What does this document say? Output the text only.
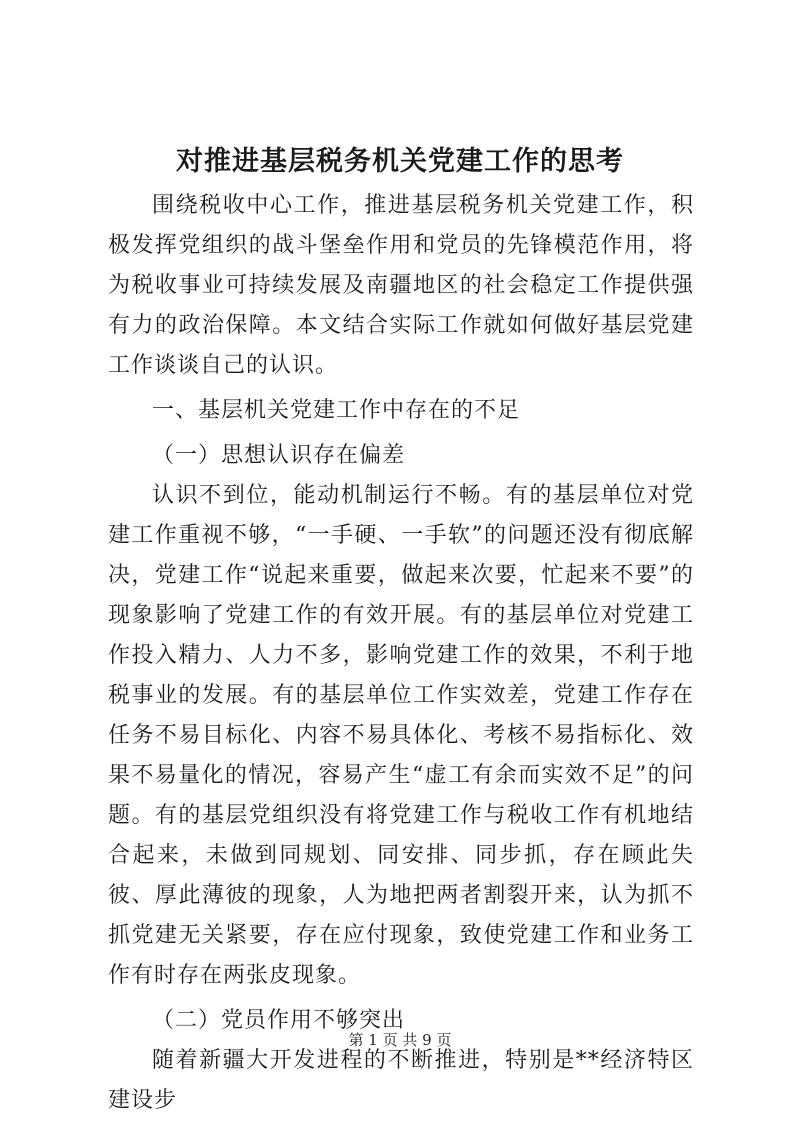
对推进基层税务机关党建工作的思考

围绕税收中心工作，推进基层税务机关党建工作，积极发挥党组织的战斗堡垒作用和党员的先锋模范作用，将为税收事业可持续发展及南疆地区的社会稳定工作提供强有力的政治保障。本文结合实际工作就如何做好基层党建工作谈谈自己的认识。

一、基层机关党建工作中存在的不足

（一）思想认识存在偏差

认识不到位，能动机制运行不畅。有的基层单位对党建工作重视不够，“一手硬、一手软”的问题还没有彻底解决，党建工作“说起来重要，做起来次要，忙起来不要”的现象影响了党建工作的有效开展。有的基层单位对党建工作投入精力、人力不多，影响党建工作的效果，不利于地税事业的发展。有的基层单位工作实效差，党建工作存在任务不易目标化、内容不易具体化、考核不易指标化、效果不易量化的情况，容易产生“虚工有余而实效不足”的问题。有的基层党组织没有将党建工作与税收工作有机地结合起来，未做到同规划、同安排、同步抓，存在顾此失彼、厚此薄彼的现象，人为地把两者割裂开来，认为抓不抓党建无关紧要，存在应付现象，致使党建工作和业务工作有时存在两张皮现象。

（二）党员作用不够突出

随着新疆大开发进程的不断推进，特别是**经济特区建设步

第 1 页 共 9 页
